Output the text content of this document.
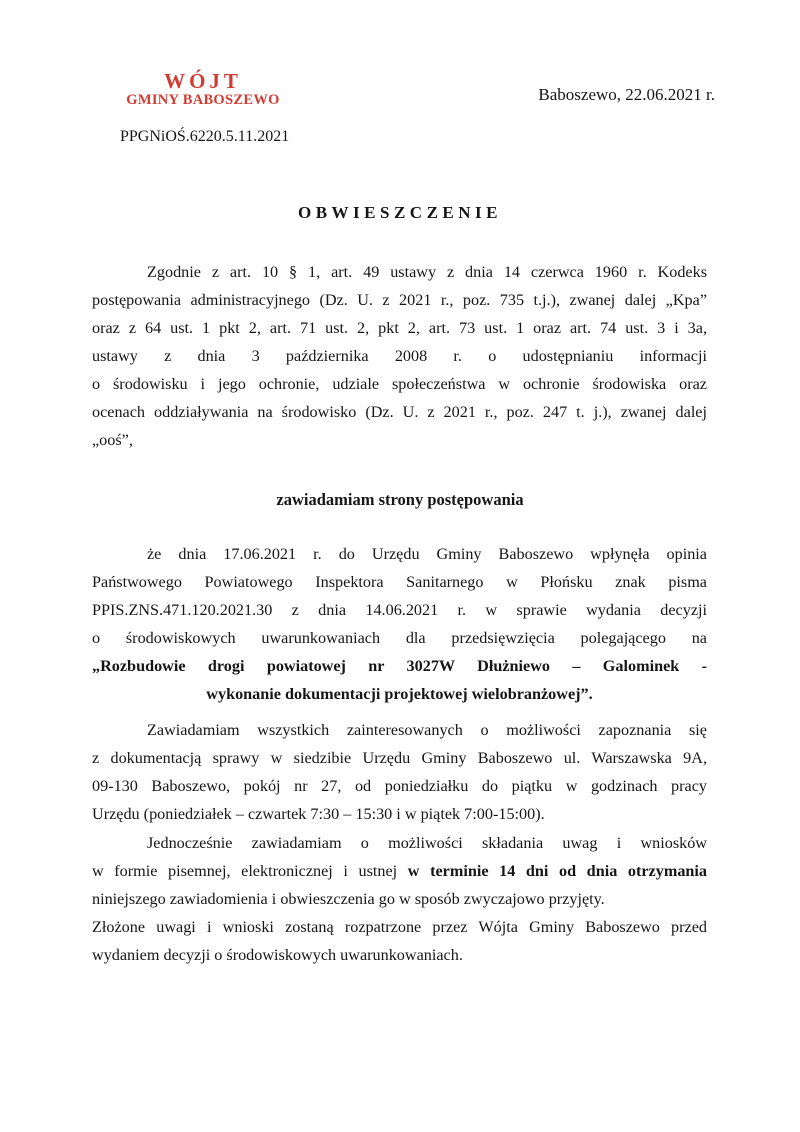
WÓJT
GMINY BABOSZEWO	Baboszewo, 22.06.2021 r.
PPGNiOŚ.6220.5.11.2021
OBWIESZCZENIE
Zgodnie z art. 10 § 1, art. 49 ustawy z dnia 14 czerwca 1960 r. Kodeks
postępowania administracyjnego (Dz. U. z 2021 r., poz. 735 t.j.), zwanej dalej „Kpa”
oraz z 64 ust. 1 pkt 2, art. 71 ust. 2, pkt 2, art. 73 ust. 1 oraz art. 74 ust. 3 i 3a,
ustawy z dnia 3 października 2008 r. o udostępnianiu informacji
o środowisku i jego ochronie, udziale społeczeństwa w ochronie środowiska oraz
ocenach oddziaływania na środowisko (Dz. U. z 2021 r., poz. 247 t. j.), zwanej dalej
„ooś”,
zawiadamiam strony postępowania
że dnia 17.06.2021 r. do Urzędu Gminy Baboszewo wpłynęła opinia
Państwowego Powiatowego Inspektora Sanitarnego w Płońsku znak pisma
PPIS.ZNS.471.120.2021.30 z dnia 14.06.2021 r. w sprawie wydania decyzji
o środowiskowych uwarunkowaniach dla przedsięwzięcia polegającego na
„Rozbudowie drogi powiatowej nr 3027W Dłużniewo – Galominek -
wykonanie dokumentacji projektowej wielobranżowej”.
Zawiadamiam wszystkich zainteresowanych o możliwości zapoznania się
z dokumentacją sprawy w siedzibie Urzędu Gminy Baboszewo ul. Warszawska 9A,
09-130 Baboszewo, pokój nr 27, od poniedziałku do piątku w godzinach pracy
Urzędu (poniedziałek – czwartek 7:30 – 15:30 i w piątek 7:00-15:00).
Jednocześnie zawiadamiam o możliwości składania uwag i wniosków
w formie pisemnej, elektronicznej i ustnej w terminie 14 dni od dnia otrzymania
niniejszego zawiadomienia i obwieszczenia go w sposób zwyczajowo przyjęty.
Złożone uwagi i wnioski zostaną rozpatrzone przez Wójta Gminy Baboszewo przed
wydaniem decyzji o środowiskowych uwarunkowaniach.
